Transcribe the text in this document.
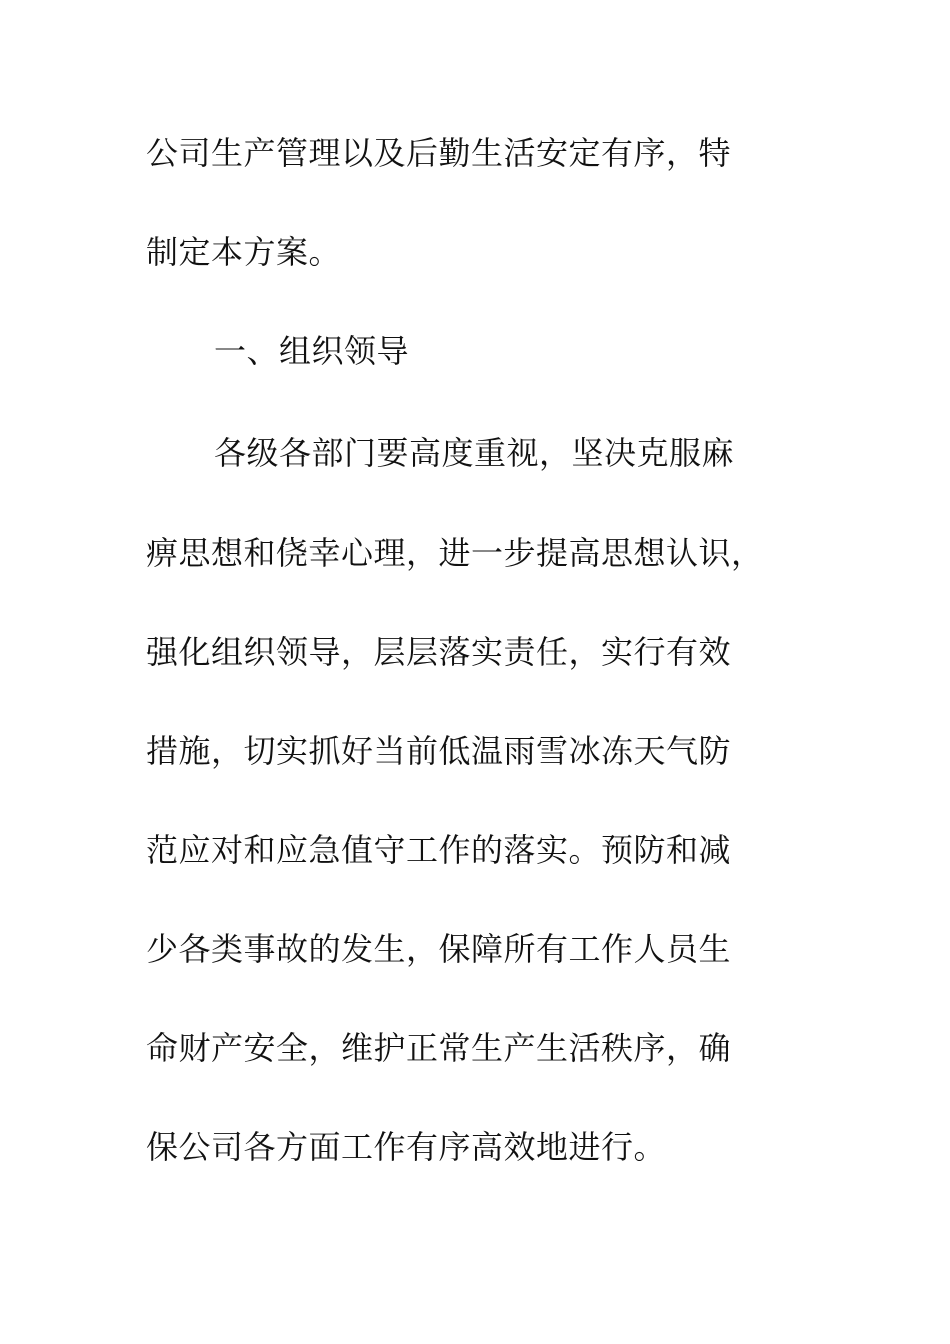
公司生产管理以及后勤生活安定有序，特
制定本方案。
一、组织领导
各级各部门要高度重视，坚决克服麻
痹思想和侥幸心理，进一步提高思想认识，
强化组织领导，层层落实责任，实行有效
措施，切实抓好当前低温雨雪冰冻天气防
范应对和应急值守工作的落实。预防和减
少各类事故的发生，保障所有工作人员生
命财产安全，维护正常生产生活秩序，确
保公司各方面工作有序高效地进行。
